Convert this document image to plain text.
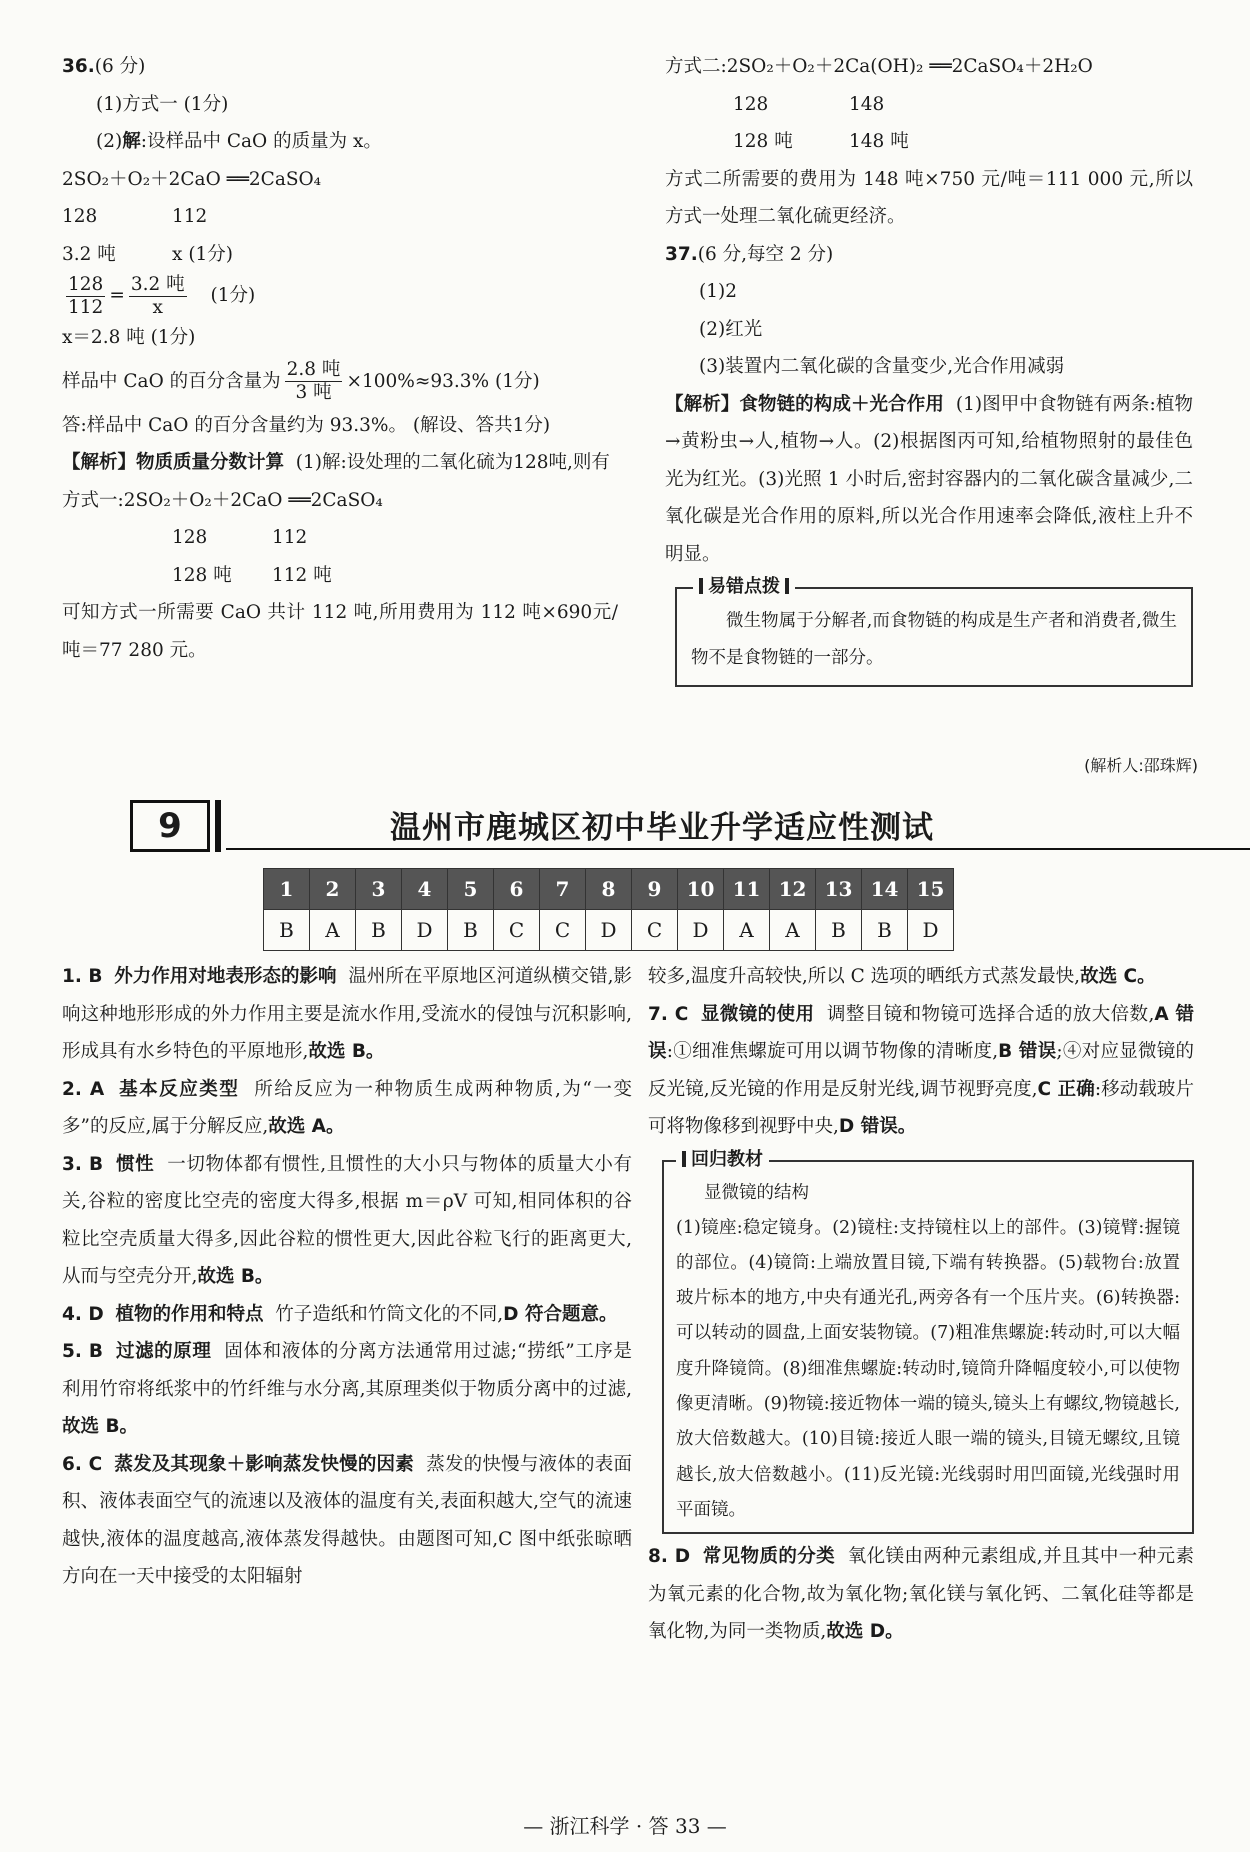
36.(6 分)
(1)方式一 (1分)
(2)解:设样品中 CaO 的质量为 x。
2SO₂＋O₂＋2CaO ══2CaSO₄
128	112
3.2 吨	x (1分)
$\frac{128}{112} = \frac{\text{3.2 吨}}{x} (1$分)
x＝2.8 吨 (1分)
样品中 CaO 的百分含量为 $\frac{\text{2.8 吨}}{\text{3 吨}} \times 100\%\approx 93.3\%$ (1分)
答:样品中 CaO 的百分含量约为 93.3%。 (解设、答共1分)
【解析】物质质量分数计算 (1)解:设处理的二氧化硫为128吨,则有
方式一:2SO₂＋O₂＋2CaO ══2CaSO₄
128	112
128 吨 112 吨
可知方式一所需要 CaO 共计 112 吨,所用费用为 112 吨×690元/吨＝77 280 元。
方式二:2SO₂＋O₂＋2Ca(OH)₂ ══2CaSO₄＋2H₂O
128	148
128 吨	148 吨
方式二所需要的费用为 148 吨×750 元/吨＝111 000 元,所以方式一处理二氧化硫更经济。
37.(6 分,每空 2 分)
(1)2
(2)红光
(3)装置内二氧化碳的含量变少,光合作用减弱
【解析】食物链的构成＋光合作用 (1)图甲中食物链有两条:植物→黄粉虫→人,植物→人。(2)根据图丙可知,给植物照射的最佳色光为红光。(3)光照 1 小时后,密封容器内的二氧化碳含量减少,二氧化碳是光合作用的原料,所以光合作用速率会降低,液柱上升不明显。
易错点拨
微生物属于分解者,而食物链的构成是生产者和消费者,微生物不是食物链的一部分。
(解析人:邵珠辉)
9	温州市鹿城区初中毕业升学适应性测试
1	2	3	4	5	6	7	8	9	10	11	12	13	14	15
B	A	B	D	B	C	C	D	C	D	A	A	B	B	D
1. B 外力作用对地表形态的影响 温州所在平原地区河道纵横交错,影响这种地形形成的外力作用主要是流水作用,受流水的侵蚀与沉积影响,形成具有水乡特色的平原地形,故选 B。
2. A 基本反应类型 所给反应为一种物质生成两种物质,为“一变多”的反应,属于分解反应,故选 A。
3. B 惯性 一切物体都有惯性,且惯性的大小只与物体的质量大小有关,谷粒的密度比空壳的密度大得多,根据 m＝ρV 可知,相同体积的谷粒比空壳质量大得多,因此谷粒的惯性更大,因此谷粒飞行的距离更大,从而与空壳分开,故选 B。
4. D 植物的作用和特点 竹子造纸和竹筒文化的不同,D 符合题意。
5. B 过滤的原理 固体和液体的分离方法通常用过滤;“捞纸”工序是利用竹帘将纸浆中的竹纤维与水分离,其原理类似于物质分离中的过滤,故选 B。
6. C 蒸发及其现象＋影响蒸发快慢的因素 蒸发的快慢与液体的表面积、液体表面空气的流速以及液体的温度有关,表面积越大,空气的流速越快,液体的温度越高,液体蒸发得越快。由题图可知,C 图中纸张晾晒方向在一天中接受的太阳辐射
较多,温度升高较快,所以 C 选项的晒纸方式蒸发最快,故选 C。
7. C 显微镜的使用 调整目镜和物镜可选择合适的放大倍数,A 错误:①细准焦螺旋可用以调节物像的清晰度,B 错误;④对应显微镜的反光镜,反光镜的作用是反射光线,调节视野亮度,C 正确:移动载玻片可将物像移到视野中央,D 错误。
回归教材
显微镜的结构
(1)镜座:稳定镜身。(2)镜柱:支持镜柱以上的部件。(3)镜臂:握镜的部位。(4)镜筒:上端放置目镜,下端有转换器。(5)载物台:放置玻片标本的地方,中央有通光孔,两旁各有一个压片夹。(6)转换器:可以转动的圆盘,上面安装物镜。(7)粗准焦螺旋:转动时,可以大幅度升降镜筒。(8)细准焦螺旋:转动时,镜筒升降幅度较小,可以使物像更清晰。(9)物镜:接近物体一端的镜头,镜头上有螺纹,物镜越长,放大倍数越大。(10)目镜:接近人眼一端的镜头,目镜无螺纹,且镜越长,放大倍数越小。(11)反光镜:光线弱时用凹面镜,光线强时用平面镜。
8. D 常见物质的分类 氧化镁由两种元素组成,并且其中一种元素为氧元素的化合物,故为氧化物;氧化镁与氧化钙、二氧化硅等都是氧化物,为同一类物质,故选 D。
— 浙江科学 · 答 33 —
